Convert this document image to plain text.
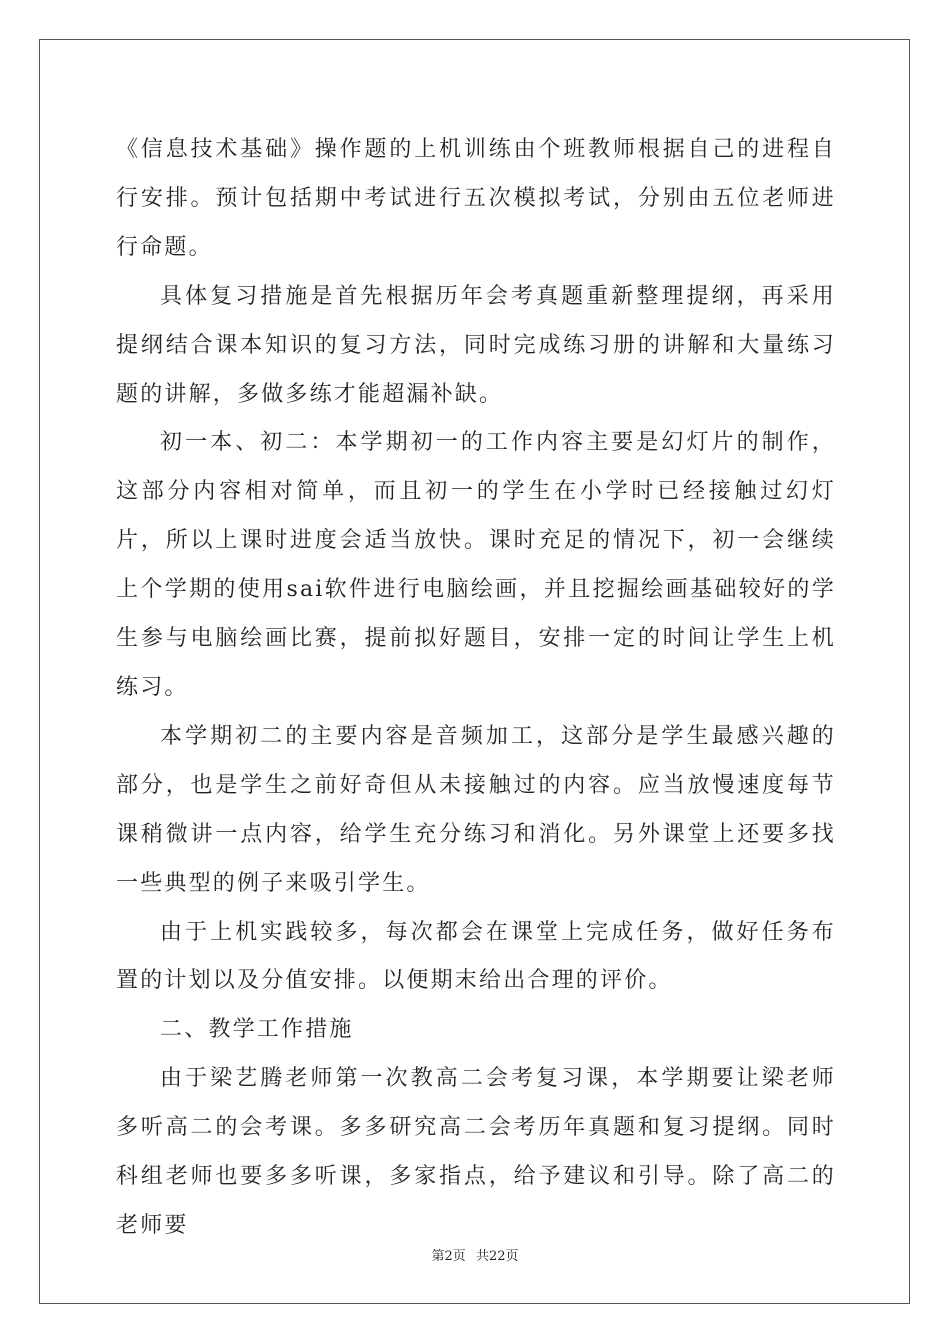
《信息技术基础》操作题的上机训练由个班教师根据自己的进程自行安排。预计包括期中考试进行五次模拟考试，分别由五位老师进行命题。

具体复习措施是首先根据历年会考真题重新整理提纲，再采用提纲结合课本知识的复习方法，同时完成练习册的讲解和大量练习题的讲解，多做多练才能超漏补缺。

初一本、初二：本学期初一的工作内容主要是幻灯片的制作，这部分内容相对简单，而且初一的学生在小学时已经接触过幻灯片，所以上课时进度会适当放快。课时充足的情况下，初一会继续上个学期的使用sai软件进行电脑绘画，并且挖掘绘画基础较好的学生参与电脑绘画比赛，提前拟好题目，安排一定的时间让学生上机练习。

本学期初二的主要内容是音频加工，这部分是学生最感兴趣的部分，也是学生之前好奇但从未接触过的内容。应当放慢速度每节课稍微讲一点内容，给学生充分练习和消化。另外课堂上还要多找一些典型的例子来吸引学生。

由于上机实践较多，每次都会在课堂上完成任务，做好任务布置的计划以及分值安排。以便期末给出合理的评价。

二、教学工作措施

由于梁艺腾老师第一次教高二会考复习课，本学期要让梁老师多听高二的会考课。多多研究高二会考历年真题和复习提纲。同时科组老师也要多多听课，多家指点，给予建议和引导。除了高二的老师要

第2页 共22页
